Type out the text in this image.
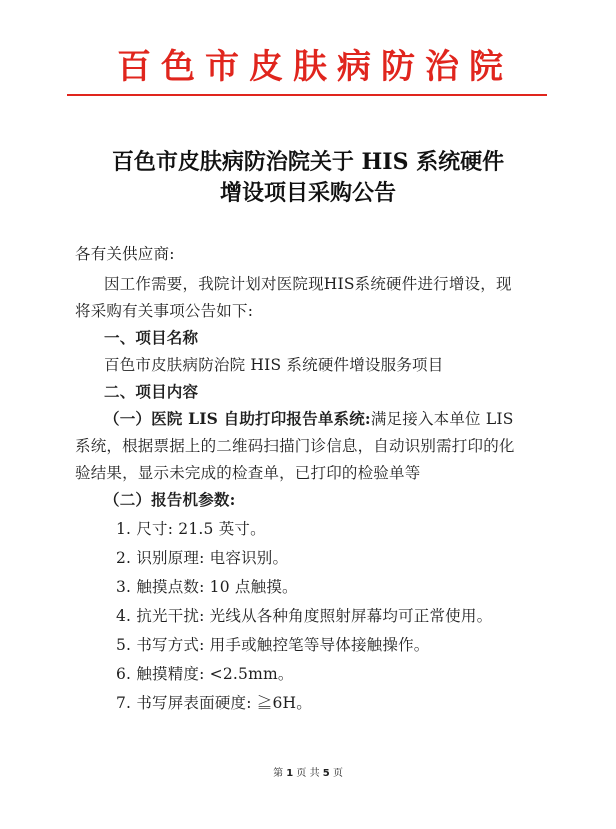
百色市皮肤病防治院
百色市皮肤病防治院关于 HIS 系统硬件
增设项目采购公告
各有关供应商:
因工作需要，我院计划对医院现HIS系统硬件进行增设，现
将采购有关事项公告如下:
一、项目名称
百色市皮肤病防治院 HIS 系统硬件增设服务项目
二、项目内容
（一）医院 LIS 自助打印报告单系统:满足接入本单位 LIS
系统，根据票据上的二维码扫描门诊信息，自动识别需打印的化
验结果，显示未完成的检查单，已打印的检验单等
（二）报告机参数:
1. 尺寸: 21.5 英寸。
2. 识别原理: 电容识别。
3. 触摸点数: 10 点触摸。
4. 抗光干扰: 光线从各种角度照射屏幕均可正常使用。
5. 书写方式: 用手或触控笔等导体接触操作。
6. 触摸精度: <2.5mm。
7. 书写屏表面硬度: ≧6H。
第 1 页 共 5 页
